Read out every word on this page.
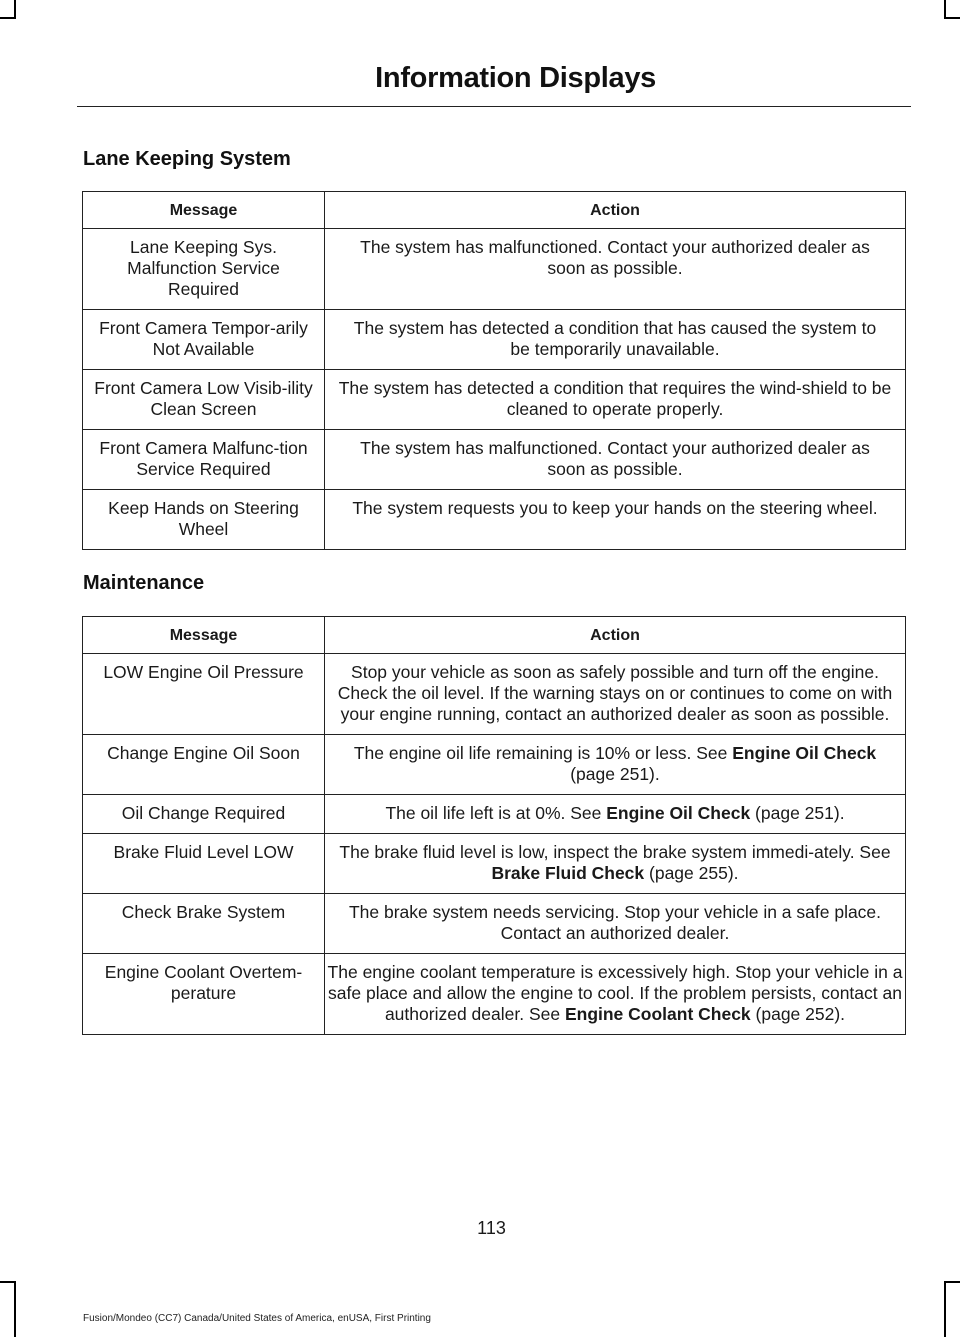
Information Displays
Lane Keeping System
Message	Action
Lane Keeping Sys. Malfunction Service Required	The system has malfunctioned. Contact your authorized dealer as soon as possible.
Front Camera Tempor-arily Not Available	The system has detected a condition that has caused the system to be temporarily unavailable.
Front Camera Low Visib-ility Clean Screen	The system has detected a condition that requires the wind-shield to be cleaned to operate properly.
Front Camera Malfunc-tion Service Required	The system has malfunctioned. Contact your authorized dealer as soon as possible.
Keep Hands on Steering Wheel	The system requests you to keep your hands on the steering wheel.
Maintenance
Message	Action
LOW Engine Oil Pressure	Stop your vehicle as soon as safely possible and turn off the engine. Check the oil level. If the warning stays on or continues to come on with your engine running, contact an authorized dealer as soon as possible.
Change Engine Oil Soon	The engine oil life remaining is 10% or less. See Engine Oil Check (page 251).
Oil Change Required	The oil life left is at 0%. See Engine Oil Check (page 251).
Brake Fluid Level LOW	The brake fluid level is low, inspect the brake system immedi-ately. See Brake Fluid Check (page 255).
Check Brake System	The brake system needs servicing. Stop your vehicle in a safe place. Contact an authorized dealer.
Engine Coolant Overtem-perature	The engine coolant temperature is excessively high. Stop your vehicle in a safe place and allow the engine to cool. If the problem persists, contact an authorized dealer. See Engine Coolant Check (page 252).
113
Fusion/Mondeo (CC7) Canada/United States of America, enUSA, First Printing
